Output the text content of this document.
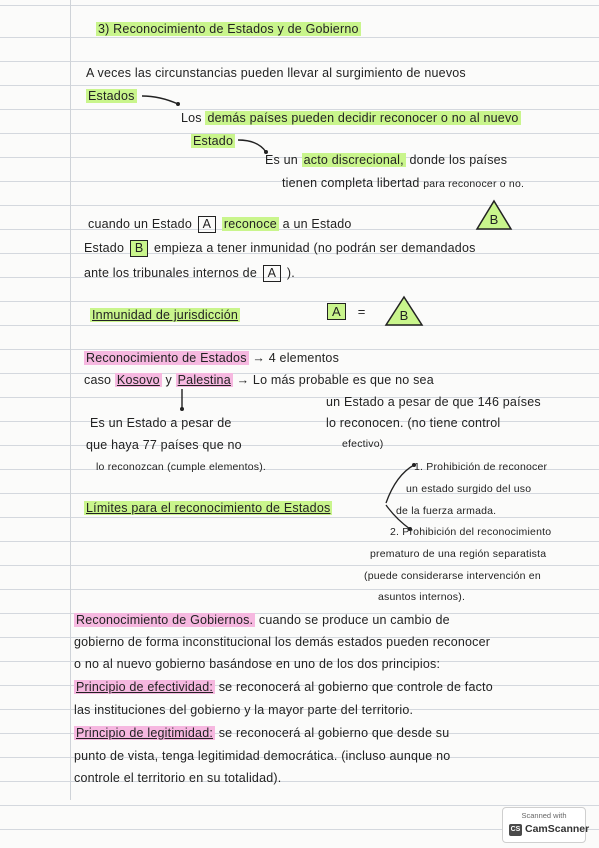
3) Reconocimiento de Estados y de Gobierno
A veces las circunstancias pueden llevar al surgimiento de nuevos
Estados
Los demás países pueden decidir reconocer o no al nuevo
Estado
Es un acto discrecional, donde los países
tienen completa libertad para reconocer o no.
cuando un Estado A reconoce a un Estado	B
Estado B empieza a tener inmunidad (no podrán ser demandados
ante los tribunales internos de A ).
Inmunidad de jurisdicción	A =	B
Reconocimiento de Estados → 4 elementos
caso Kosovo y Palestina → Lo más probable es que no sea
un Estado a pesar de que 146 países
lo reconocen. (no tiene control
efectivo)
Es un Estado a pesar de
que haya 77 países que no
lo reconozcan (cumple elementos).
Límites para el reconocimiento de Estados
1. Prohibición de reconocer
un estado surgido del uso
de la fuerza armada.
2. Prohibición del reconocimiento
prematuro de una región separatista
(puede considerarse intervención en
asuntos internos).
Reconocimiento de Gobiernos. cuando se produce un cambio de
gobierno de forma inconstitucional los demás estados pueden reconocer
o no al nuevo gobierno basándose en uno de los dos principios:
Principio de efectividad: se reconocerá al gobierno que controle de facto
las instituciones del gobierno y la mayor parte del territorio.
Principio de legitimidad: se reconocerá al gobierno que desde su
punto de vista, tenga legitimidad democrática. (incluso aunque no
controle el territorio en su totalidad).
Scanned with
CS CamScanner
